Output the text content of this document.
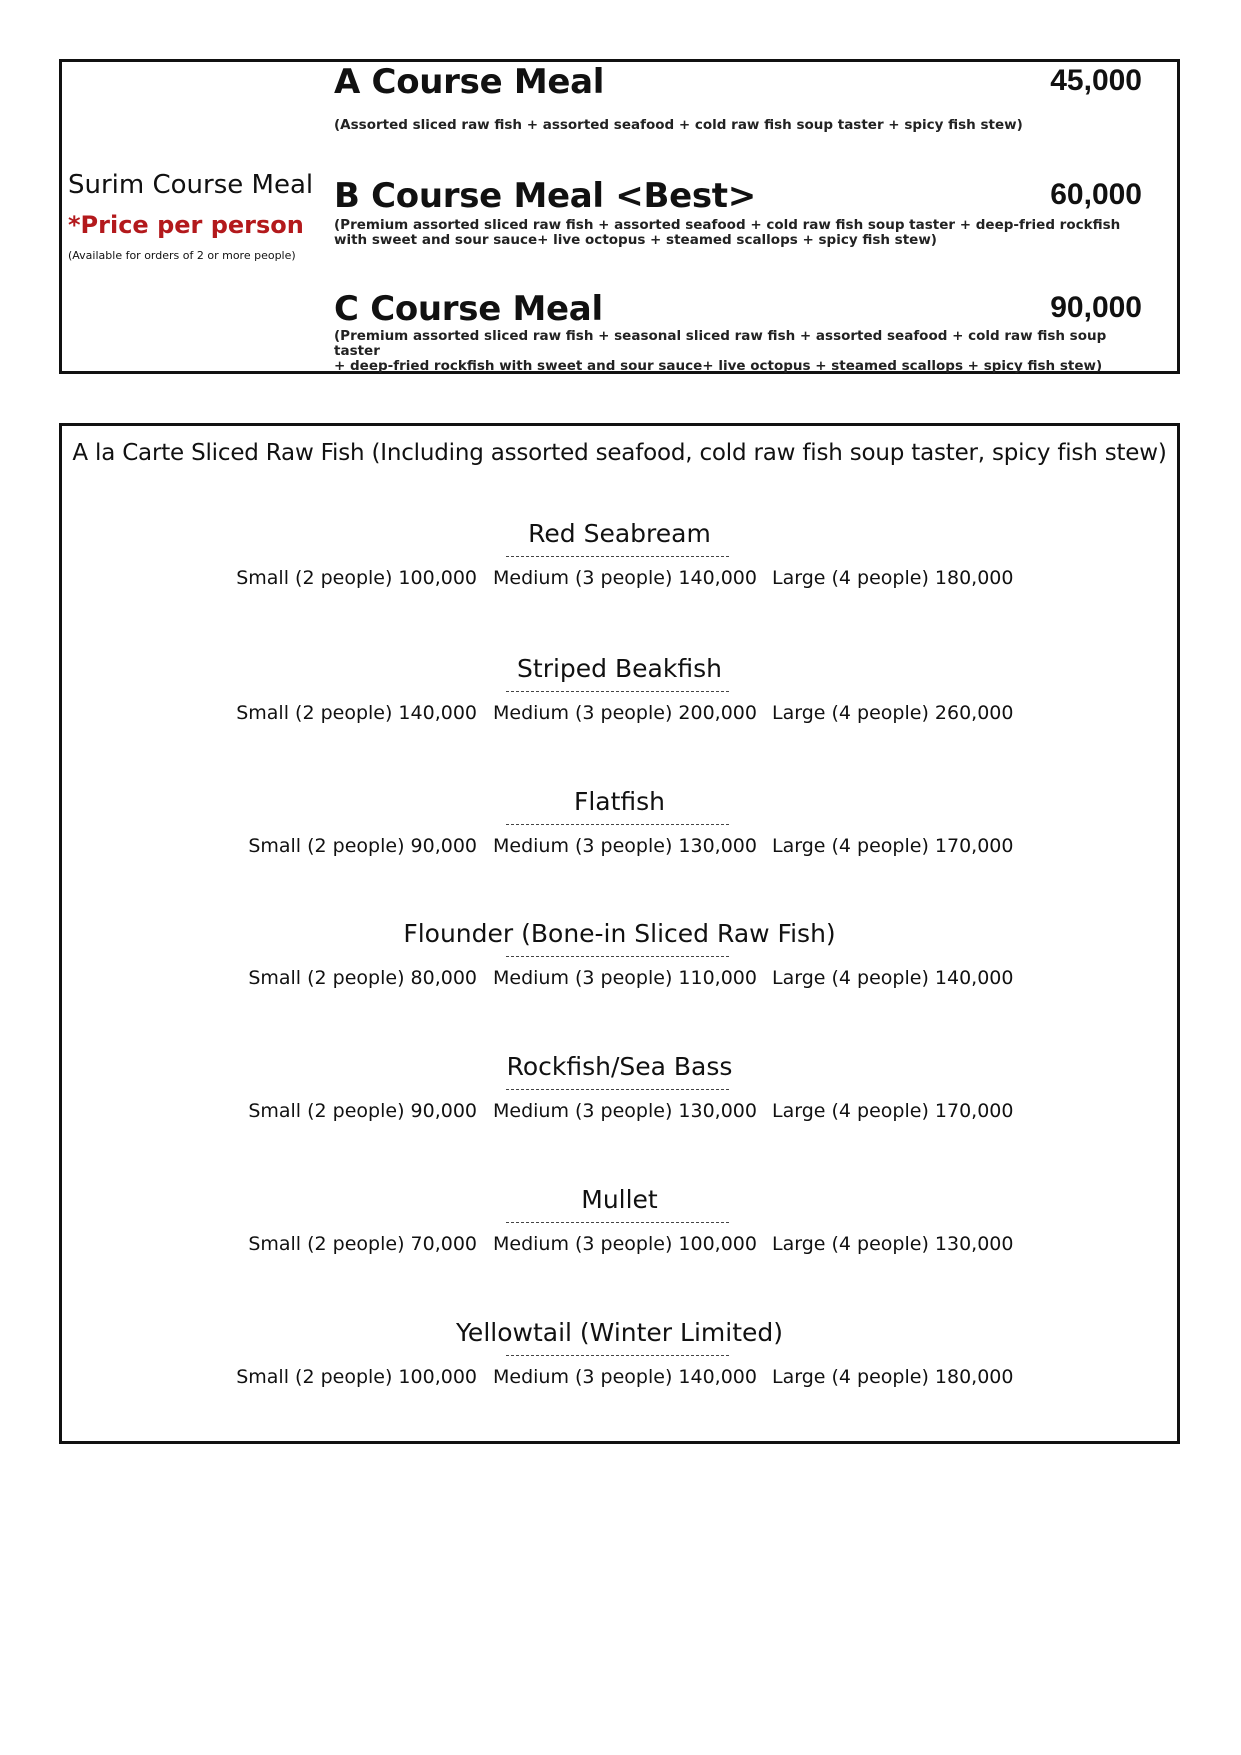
Surim Course Meal
*Price per person
(Available for orders of 2 or more people)
A Course Meal	45,000
(Assorted sliced raw fish + assorted seafood + cold raw fish soup taster + spicy fish stew)
B Course Meal <Best>	60,000
(Premium assorted sliced raw fish + assorted seafood + cold raw fish soup taster + deep-fried rockfish with sweet and sour sauce+ live octopus + steamed scallops + spicy fish stew)
C Course Meal	90,000
(Premium assorted sliced raw fish + seasonal sliced raw fish + assorted seafood + cold raw fish soup taster
+ deep-fried rockfish with sweet and sour sauce+ live octopus + steamed scallops + spicy fish stew)
A la Carte Sliced Raw Fish (Including assorted seafood, cold raw fish soup taster, spicy fish stew)
Red Seabream
Small (2 people) 100,000 Medium (3 people) 140,000 Large (4 people) 180,000
Striped Beakfish
Small (2 people) 140,000 Medium (3 people) 200,000 Large (4 people) 260,000
Flatfish
Small (2 people) 90,000 Medium (3 people) 130,000 Large (4 people) 170,000
Flounder (Bone-in Sliced Raw Fish)
Small (2 people) 80,000 Medium (3 people) 110,000 Large (4 people) 140,000
Rockfish/Sea Bass
Small (2 people) 90,000 Medium (3 people) 130,000 Large (4 people) 170,000
Mullet
Small (2 people) 70,000 Medium (3 people) 100,000 Large (4 people) 130,000
Yellowtail (Winter Limited)
Small (2 people) 100,000 Medium (3 people) 140,000 Large (4 people) 180,000
